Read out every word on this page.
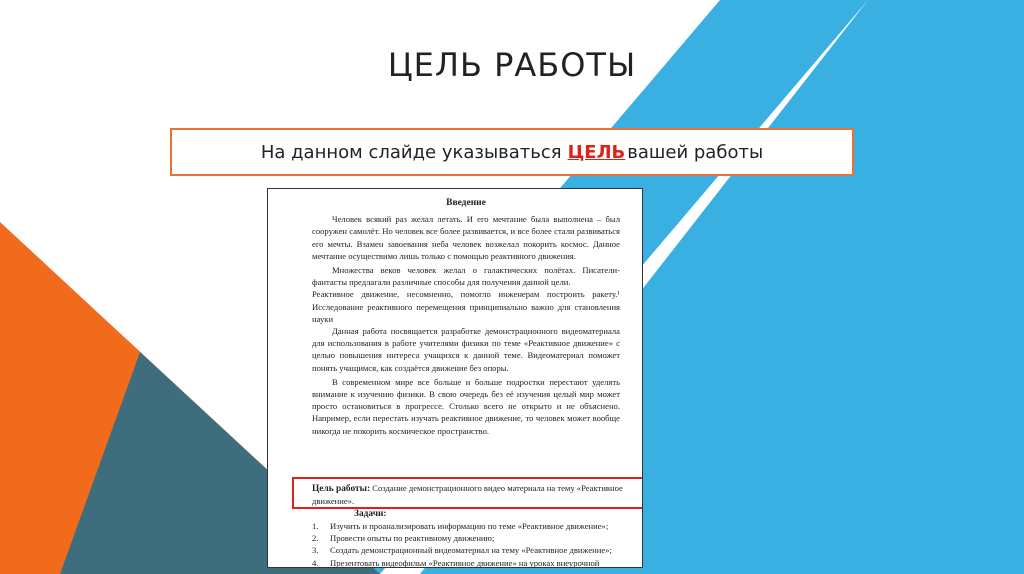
ЦЕЛЬ РАБОТЫ
На данном слайде указываться ЦЕЛЬ вашей работы
Введение

Человек всякий раз желал летать. И его мечтание была выполнена – был сооружен самолёт. Но человек все более развивается, и все более стали развиваться его мечты. Взамен завоевания неба человек возжелал покорить космос. Данное мечтание осуществимо лишь только с помощью реактивного движения.

Множества веков человек желал о галактических полётах. Писатели-фантасты предлагали различные способы для получения данной цели.

Реактивное движение, несомненно, помогло инженерам построить ракету.¹ Исследование реактивного перемещения принципиально важно для становления науки

Данная работа посвящается разработке демонстрационного видеоматериала для использования в работе учителями физики по теме «Реактивное движение» с целью повышения интереса учащихся к данной теме. Видеоматериал поможет понять учащимся, как создаётся движение без опоры.

В современном мире все больше и больше подростки перестают уделять внимание к изучению физики. В свою очередь без её изучения целый мир может просто остановиться в прогрессе. Столько всего не открыто и не объяснено. Например, если перестать изучать реактивное движение, то человек может вообще никогда не покорить космическое пространство.

Цель работы: Создание демонстрационного видео материала на тему «Реактивное движение».
Задачи:
1.	Изучить и проанализировать информацию по теме «Реактивное движение»;
2.	Провести опыты по реактивному движению;
3.	Создать демонстрационный видеоматериал на тему «Реактивное движение»;
4.	Презентовать видеофильм «Реактивное движение» на уроках внеурочной
